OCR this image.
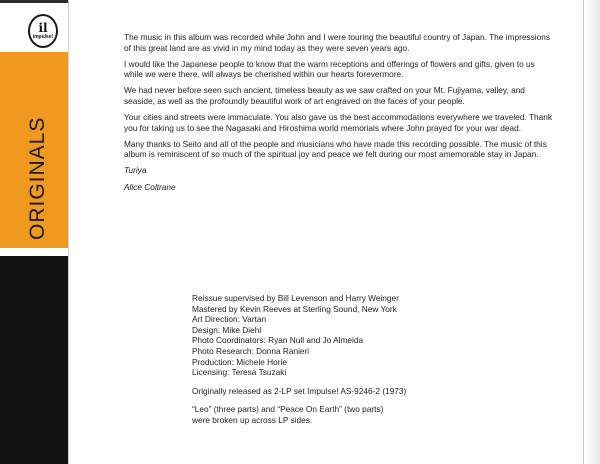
il
impulse!
ORIGINALS

The music in this album was recorded while John and I were touring the beautiful country of Japan. The impressions of this great land are as vivid in my mind today as they were seven years ago.

I would like the Japanese people to know that the warm receptions and offerings of flowers and gifts, given to us while we were there, will always be cherished within our hearts forevermore.

We had never before seen such ancient, timeless beauty as we saw crafted on your Mt. Fujiyama, valley, and seaside, as well as the profoundly beautiful work of art engraved on the faces of your people.

Your cities and streets were immaculate. You also gave us the best accommodations everywhere we traveled. Thank you for taking us to see the Nagasaki and Hiroshima world memorials where John prayed for your war dead.

Many thanks to Seito and all of the people and musicians who have made this recording possible. The music of this album is reminiscent of so much of the spiritual joy and peace we felt during our most amemorable stay in Japan.

Turiya

Alice Coltrane

Reissue supervised by Bill Levenson and Harry Weinger
Mastered by Kevin Reeves at Sterling Sound, New York
Art Direction: Vartan
Design: Mike Diehl
Photo Coordinators: Ryan Null and Jo Almeida
Photo Research: Donna Ranieri
Production: Michele Horie
Licensing: Teresa Tsuzaki
Originally released as 2-LP set Impulse! AS-9246-2 (1973)
“Leo” (three parts) and “Peace On Earth” (two parts)
were broken up across LP sides.
